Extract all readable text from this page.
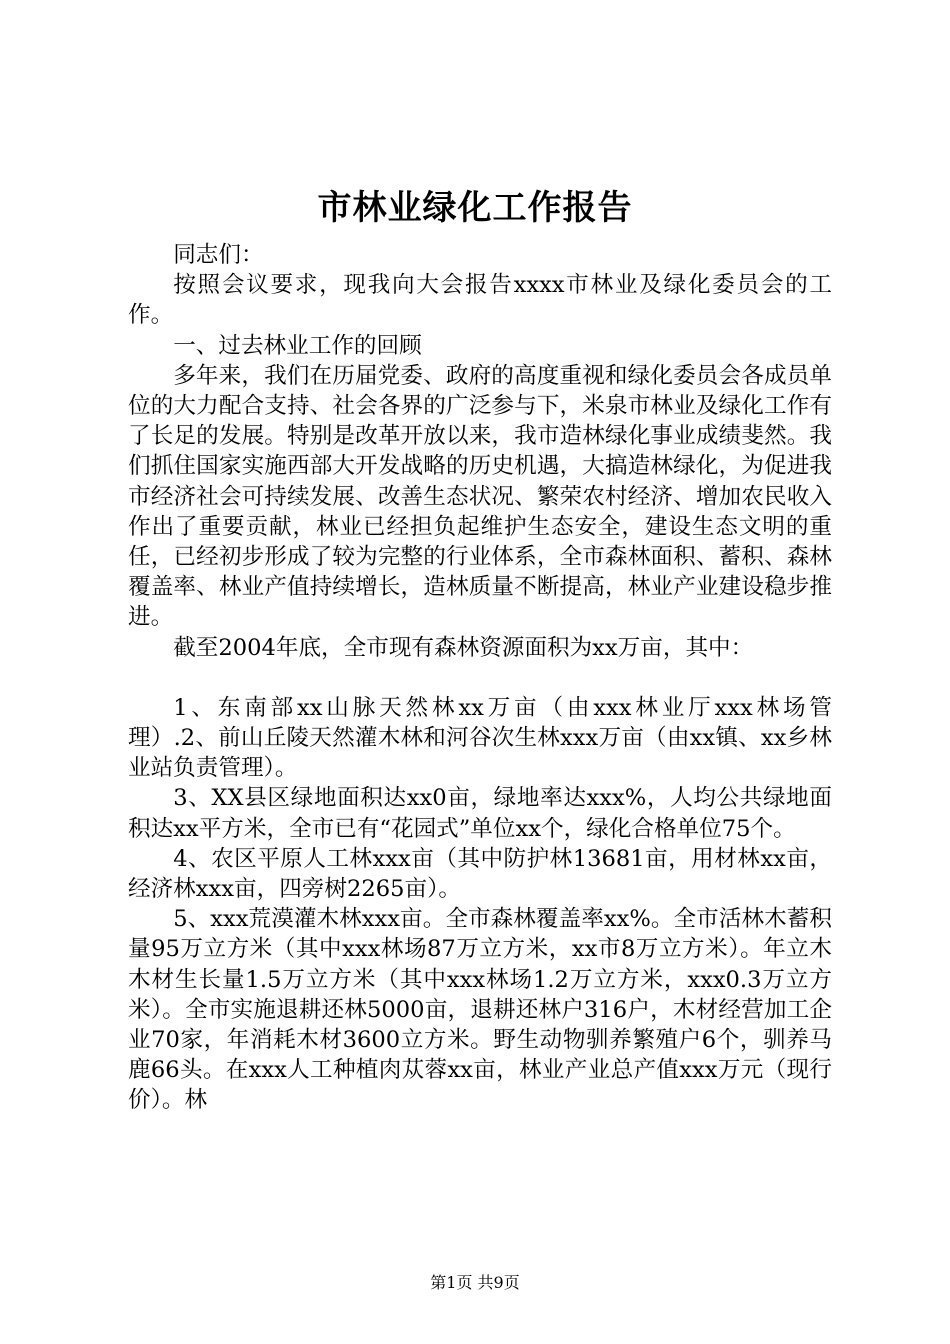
市林业绿化工作报告

同志们：

按照会议要求，现我向大会报告xxxx市林业及绿化委员会的工作。

一、过去林业工作的回顾

多年来，我们在历届党委、政府的高度重视和绿化委员会各成员单位的大力配合支持、社会各界的广泛参与下，米泉市林业及绿化工作有了长足的发展。特别是改革开放以来，我市造林绿化事业成绩斐然。我们抓住国家实施西部大开发战略的历史机遇，大搞造林绿化，为促进我市经济社会可持续发展、改善生态状况、繁荣农村经济、增加农民收入作出了重要贡献，林业已经担负起维护生态安全，建设生态文明的重任，已经初步形成了较为完整的行业体系，全市森林面积、蓄积、森林覆盖率、林业产值持续增长，造林质量不断提高，林业产业建设稳步推进。

截至2004年底，全市现有森林资源面积为xx万亩，其中：

1、东南部xx山脉天然林xx万亩（由xxx林业厅xxx林场管理）.2、前山丘陵天然灌木林和河谷次生林xxx万亩（由xx镇、xx乡林业站负责管理）。

3、XX县区绿地面积达xx0亩，绿地率达xxx%，人均公共绿地面积达xx平方米，全市已有“花园式”单位xx个，绿化合格单位75个。

4、农区平原人工林xxx亩（其中防护林13681亩，用材林xx亩，经济林xxx亩，四旁树2265亩）。

5、xxx荒漠灌木林xxx亩。全市森林覆盖率xx%。全市活林木蓄积量95万立方米（其中xxx林场87万立方米，xx市8万立方米）。年立木木材生长量1.5万立方米（其中xxx林场1.2万立方米，xxx0.3万立方米）。全市实施退耕还林5000亩，退耕还林户316户，木材经营加工企业70家，年消耗木材3600立方米。野生动物驯养繁殖户6个，驯养马鹿66头。在xxx人工种植肉苁蓉xx亩，林业产业总产值xxx万元（现行价）。林

第1页 共9页
